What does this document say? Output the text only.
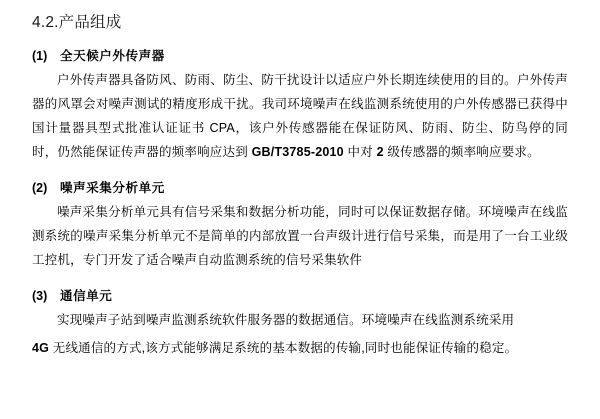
4.2.产品组成
(1)	全天候户外传声器

户外传声器具备防风、防雨、防尘、防干扰设计以适应户外长期连续使用的目的。户外传声器的风罩会对噪声测试的精度形成干扰。我司环境噪声在线监测系统使用的户外传感器已获得中国计量器具型式批准认证证书 CPA，该户外传感器能在保证防风、防雨、防尘、防鸟停的同时，仍然能保证传声器的频率响应达到 GB/T3785-2010 中对 2 级传感器的频率响应要求。

(2)	噪声采集分析单元

噪声采集分析单元具有信号采集和数据分析功能，同时可以保证数据存储。环境噪声在线监测系统的噪声采集分析单元不是简单的内部放置一台声级计进行信号采集，而是用了一台工业级工控机，专门开发了适合噪声自动监测系统的信号采集软件

(3)	通信单元

实现噪声子站到噪声监测系统软件服务器的数据通信。环境噪声在线监测系统采用

4G 无线通信的方式,该方式能够满足系统的基本数据的传输,同时也能保证传输的稳定。
